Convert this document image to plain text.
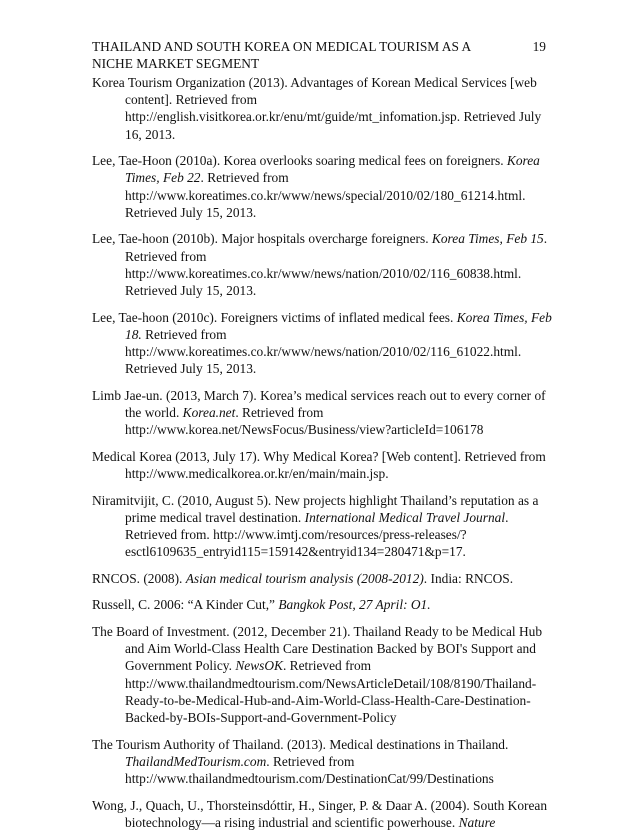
THAILAND AND SOUTH KOREA ON MEDICAL TOURISM AS A NICHE MARKET SEGMENT
19

Korea Tourism Organization (2013). Advantages of Korean Medical Services [web content]. Retrieved from http://english.visitkorea.or.kr/enu/mt/guide/mt_infomation.jsp. Retrieved July 16, 2013.

Lee, Tae-Hoon (2010a). Korea overlooks soaring medical fees on foreigners. Korea Times, Feb 22. Retrieved from http://www.koreatimes.co.kr/www/news/special/2010/02/180_61214.html. Retrieved July 15, 2013.

Lee, Tae-hoon (2010b). Major hospitals overcharge foreigners. Korea Times, Feb 15. Retrieved from http://www.koreatimes.co.kr/www/news/nation/2010/02/116_60838.html. Retrieved July 15, 2013.

Lee, Tae-hoon (2010c). Foreigners victims of inflated medical fees. Korea Times, Feb 18. Retrieved from http://www.koreatimes.co.kr/www/news/nation/2010/02/116_61022.html. Retrieved July 15, 2013.

Limb Jae-un. (2013, March 7). Korea’s medical services reach out to every corner of the world. Korea.net. Retrieved from http://www.korea.net/NewsFocus/Business/view?articleId=106178

Medical Korea (2013, July 17). Why Medical Korea? [Web content]. Retrieved from http://www.medicalkorea.or.kr/en/main/main.jsp.

Niramitvijit, C. (2010, August 5). New projects highlight Thailand’s reputation as a prime medical travel destination. International Medical Travel Journal. Retrieved from. http://www.imtj.com/resources/press-releases/?esctl6109635_entryid115=159142&entryid134=280471&p=17.

RNCOS. (2008). Asian medical tourism analysis (2008-2012). India: RNCOS.

Russell, C. 2006: “A Kinder Cut,” Bangkok Post, 27 April: O1.

The Board of Investment. (2012, December 21). Thailand Ready to be Medical Hub and Aim World-Class Health Care Destination Backed by BOI's Support and Government Policy. NewsOK. Retrieved from http://www.thailandmedtourism.com/NewsArticleDetail/108/8190/Thailand-Ready-to-be-Medical-Hub-and-Aim-World-Class-Health-Care-Destination-Backed-by-BOIs-Support-and-Government-Policy

The Tourism Authority of Thailand. (2013). Medical destinations in Thailand. ThailandMedTourism.com. Retrieved from http://www.thailandmedtourism.com/DestinationCat/99/Destinations

Wong, J., Quach, U., Thorsteinsdóttir, H., Singer, P. & Daar A. (2004). South Korean biotechnology—a rising industrial and scientific powerhouse. Nature
